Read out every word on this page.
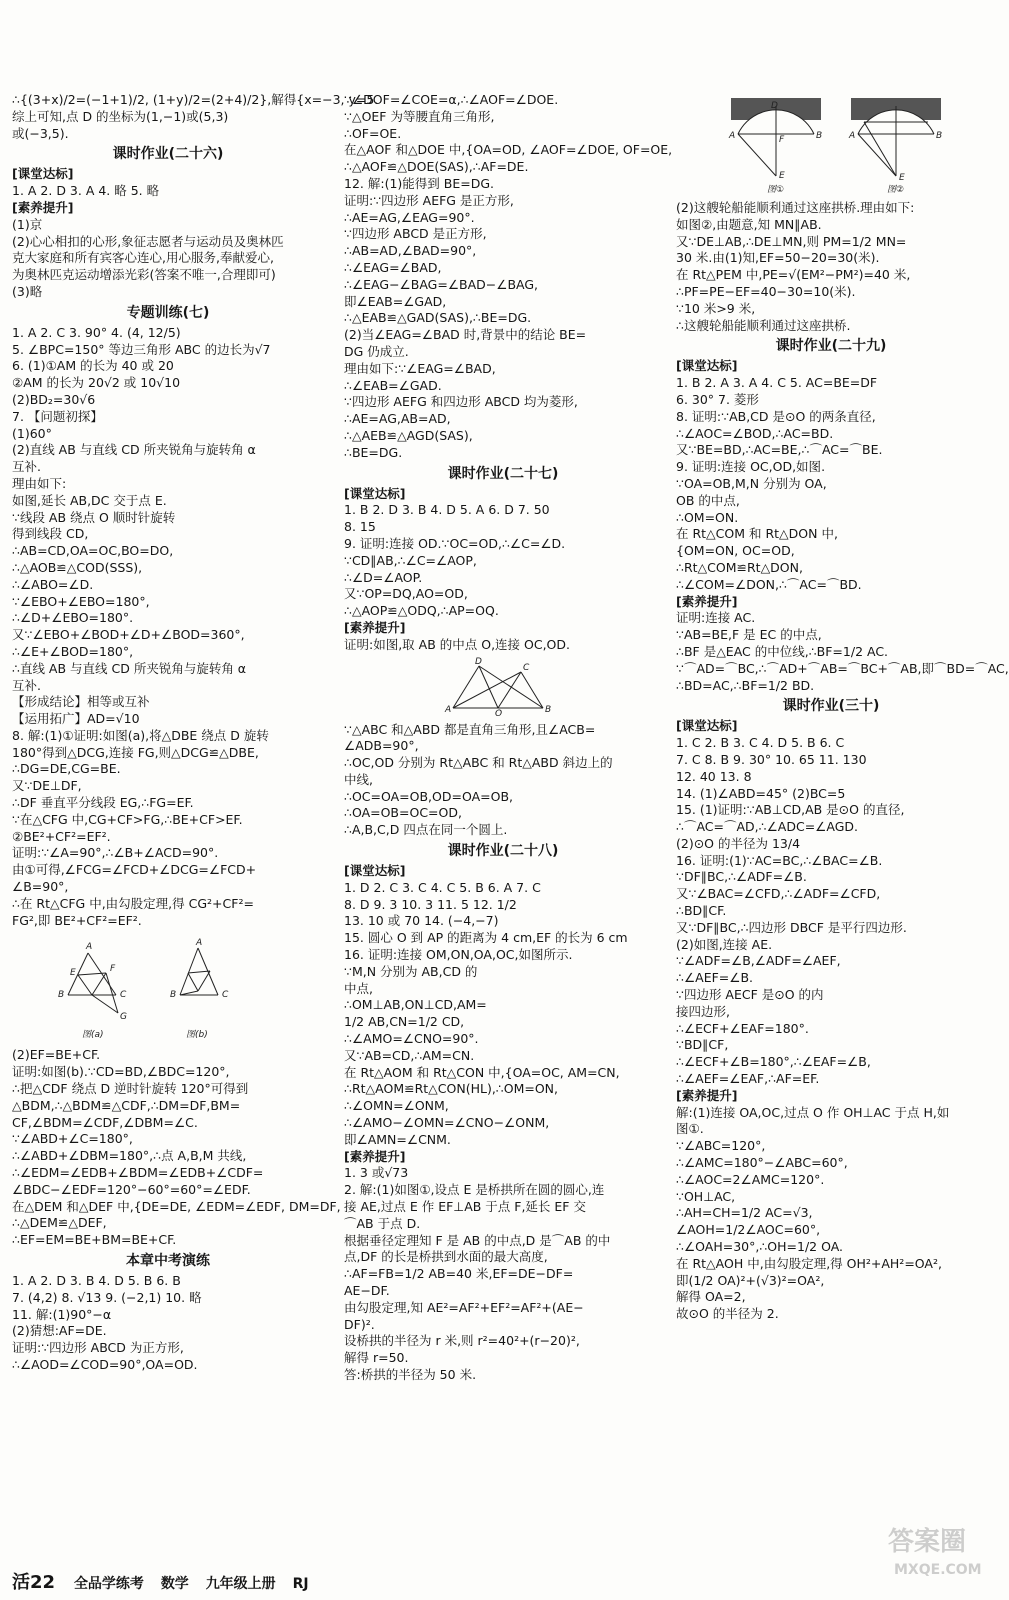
∴{(3+x)/2=(−1+1)/2, (1+y)/2=(2+4)/2},解得{x=−3, y=5.
综上可知,点 D 的坐标为(1,−1)或(5,3)
或(−3,5).
课时作业(二十六)
[课堂达标]
1. A 2. D 3. A 4. 略 5. 略
[素养提升]
(1)京
(2)心心相扣的心形,象征志愿者与运动员及奥林匹
克大家庭和所有宾客心连心,用心服务,奉献爱心,
为奥林匹克运动增添光彩(答案不唯一,合理即可)
(3)略
专题训练(七)
1. A 2. C 3. 90° 4. (4, 12/5)
5. ∠BPC=150° 等边三角形 ABC 的边长为√7
6. (1)①AM 的长为 40 或 20
②AM 的长为 20√2 或 10√10
(2)BD₂=30√6
7. 【问题初探】
(1)60°
(2)直线 AB 与直线 CD 所夹锐角与旋转角 α
互补.
理由如下:
如图,延长 AB,DC 交于点 E.
∵线段 AB 绕点 O 顺时针旋转
得到线段 CD,
∴AB=CD,OA=OC,BO=DO,
∴△AOB≌△COD(SSS),
∴∠ABO=∠D.
∵∠EBO+∠EBO=180°,
∴∠D+∠EBO=180°.
又∵∠EBO+∠BOD+∠D+∠BOD=360°,
∴∠E+∠BOD=180°,
∴直线 AB 与直线 CD 所夹锐角与旋转角 α
互补.
【形成结论】相等或互补
【运用拓广】AD=√10
8. 解:(1)①证明:如图(a),将△DBE 绕点 D 旋转
180°得到△DCG,连接 FG,则△DCG≌△DBE,
∴DG=DE,CG=BE.
又∵DE⊥DF,
∴DF 垂直平分线段 EG,∴FG=EF.
∵在△CFG 中,CG+CF>FG,∴BE+CF>EF.
②BE²+CF²=EF².
证明:∵∠A=90°,∴∠B+∠ACD=90°.
由①可得,∠FCG=∠FCD+∠DCG=∠FCD+
∠B=90°,
∴在 Rt△CFG 中,由勾股定理,得 CG²+CF²=
FG²,即 BE²+CF²=EF².
图(a)	图(b)
A
B	C
E	F
G
A
B	C
(2)EF=BE+CF.
证明:如图(b).∵CD=BD,∠BDC=120°,
∴把△CDF 绕点 D 逆时针旋转 120°可得到
△BDM,∴△BDM≌△CDF,∴DM=DF,BM=
CF,∠BDM=∠CDF,∠DBM=∠C.
∵∠ABD+∠C=180°,
∴∠ABD+∠DBM=180°,∴点 A,B,M 共线,
∴∠EDM=∠EDB+∠BDM=∠EDB+∠CDF=
∠BDC−∠EDF=120°−60°=60°=∠EDF.
在△DEM 和△DEF 中,{DE=DE, ∠EDM=∠EDF, DM=DF,
∴△DEM≌△DEF,
∴EF=EM=BE+BM=BE+CF.
本章中考演练
1. A 2. D 3. B 4. D 5. B 6. B
7. (4,2) 8. √13 9. (−2,1) 10. 略
11. 解:(1)90°−α
(2)猜想:AF=DE.
证明:∵四边形 ABCD 为正方形,
∴∠AOD=∠COD=90°,OA=OD.
∵∠DOF=∠COE=α,∴∠AOF=∠DOE.
∵△OEF 为等腰直角三角形,
∴OF=OE.
在△AOF 和△DOE 中,{OA=OD, ∠AOF=∠DOE, OF=OE,
∴△AOF≌△DOE(SAS),∴AF=DE.
12. 解:(1)能得到 BE=DG.
证明:∵四边形 AEFG 是正方形,
∴AE=AG,∠EAG=90°.
∵四边形 ABCD 是正方形,
∴AB=AD,∠BAD=90°,
∴∠EAG=∠BAD,
∴∠EAG−∠BAG=∠BAD−∠BAG,
即∠EAB=∠GAD,
∴△EAB≌△GAD(SAS),∴BE=DG.
(2)当∠EAG=∠BAD 时,背景中的结论 BE=
DG 仍成立.
理由如下:∵∠EAG=∠BAD,
∴∠EAB=∠GAD.
∵四边形 AEFG 和四边形 ABCD 均为菱形,
∴AE=AG,AB=AD,
∴△AEB≌△AGD(SAS),
∴BE=DG.
课时作业(二十七)
[课堂达标]
1. B 2. D 3. B 4. D 5. A 6. D 7. 50
8. 15
9. 证明:连接 OD.∵OC=OD,∴∠C=∠D.
∵CD∥AB,∴∠C=∠AOP,
∴∠D=∠AOP.
又∵OP=DQ,AO=OD,
∴△AOP≌△ODQ,∴AP=OQ.
[素养提升]
证明:如图,取 AB 的中点 O,连接 OC,OD.
A	B
D
C
O
∵△ABC 和△ABD 都是直角三角形,且∠ACB=
∠ADB=90°,
∴OC,OD 分别为 Rt△ABC 和 Rt△ABD 斜边上的
中线,
∴OC=OA=OB,OD=OA=OB,
∴OA=OB=OC=OD,
∴A,B,C,D 四点在同一个圆上.
课时作业(二十八)
[课堂达标]
1. D 2. C 3. C 4. C 5. B 6. A 7. C
8. D 9. 3 10. 3 11. 5 12. 1/2
13. 10 或 70 14. (−4,−7)
15. 圆心 O 到 AP 的距离为 4 cm,EF 的长为 6 cm
16. 证明:连接 OM,ON,OA,OC,如图所示.
∵M,N 分别为 AB,CD 的
中点,
∴OM⊥AB,ON⊥CD,AM=
1/2 AB,CN=1/2 CD,
∴∠AMO=∠CNO=90°.
又∵AB=CD,∴AM=CN.
在 Rt△AOM 和 Rt△CON 中,{OA=OC, AM=CN,
∴Rt△AOM≌Rt△CON(HL),∴OM=ON,
∴∠OMN=∠ONM,
∴∠AMO−∠OMN=∠CNO−∠ONM,
即∠AMN=∠CNM.
[素养提升]
1. 3 或√73
2. 解:(1)如图①,设点 E 是桥拱所在圆的圆心,连
接 AE,过点 E 作 EF⊥AB 于点 F,延长 EF 交
⌒AB 于点 D.
根据垂径定理知 F 是 AB 的中点,D 是⌒AB 的中
点,DF 的长是桥拱到水面的最大高度,
∴AF=FB=1/2 AB=40 米,EF=DE−DF=
AE−DF.
由勾股定理,知 AE²=AF²+EF²=AF²+(AE−
DF)².
设桥拱的半径为 r 米,则 r²=40²+(r−20)²,
解得 r=50.
答:桥拱的半径为 50 米.
图①	图②
A	B
D
F
E
A	B
E
(2)这艘轮船能顺利通过这座拱桥.理由如下:
如图②,由题意,知 MN∥AB.
又∵DE⊥AB,∴DE⊥MN,则 PM=1/2 MN=
30 米.由(1)知,EF=50−20=30(米).
在 Rt△PEM 中,PE=√(EM²−PM²)=40 米,
∴PF=PE−EF=40−30=10(米).
∵10 米>9 米,
∴这艘轮船能顺利通过这座拱桥.
课时作业(二十九)
[课堂达标]
1. B 2. A 3. A 4. C 5. AC=BE=DF
6. 30° 7. 菱形
8. 证明:∵AB,CD 是⊙O 的两条直径,
∴∠AOC=∠BOD,∴AC=BD.
又∵BE=BD,∴AC=BE,∴⌒AC=⌒BE.
9. 证明:连接 OC,OD,如图.
∵OA=OB,M,N 分别为 OA,
OB 的中点,
∴OM=ON.
在 Rt△COM 和 Rt△DON 中,
{OM=ON, OC=OD,
∴Rt△COM≌Rt△DON,
∴∠COM=∠DON,∴⌒AC=⌒BD.
[素养提升]
证明:连接 AC.
∵AB=BE,F 是 EC 的中点,
∴BF 是△EAC 的中位线,∴BF=1/2 AC.
∵⌒AD=⌒BC,∴⌒AD+⌒AB=⌒BC+⌒AB,即⌒BD=⌒AC,
∴BD=AC,∴BF=1/2 BD.
课时作业(三十)
[课堂达标]
1. C 2. B 3. C 4. D 5. B 6. C
7. C 8. B 9. 30° 10. 65 11. 130
12. 40 13. 8
14. (1)∠ABD=45° (2)BC=5
15. (1)证明:∵AB⊥CD,AB 是⊙O 的直径,
∴⌒AC=⌒AD,∴∠ADC=∠AGD.
(2)⊙O 的半径为 13/4
16. 证明:(1)∵AC=BC,∴∠BAC=∠B.
∵DF∥BC,∴∠ADF=∠B.
又∵∠BAC=∠CFD,∴∠ADF=∠CFD,
∴BD∥CF.
又∵DF∥BC,∴四边形 DBCF 是平行四边形.
(2)如图,连接 AE.
∵∠ADF=∠B,∠ADF=∠AEF,
∴∠AEF=∠B.
∵四边形 AECF 是⊙O 的内
接四边形,
∴∠ECF+∠EAF=180°.
∵BD∥CF,
∴∠ECF+∠B=180°,∴∠EAF=∠B,
∴∠AEF=∠EAF,∴AF=EF.
[素养提升]
解:(1)连接 OA,OC,过点 O 作 OH⊥AC 于点 H,如
图①.
∵∠ABC=120°,
∴∠AMC=180°−∠ABC=60°,
∴∠AOC=2∠AMC=120°.
∵OH⊥AC,
∴AH=CH=1/2 AC=√3,
∠AOH=1/2∠AOC=60°,
∴∠OAH=30°,∴OH=1/2 OA.
在 Rt△AOH 中,由勾股定理,得 OH²+AH²=OA²,
即(1/2 OA)²+(√3)²=OA²,
解得 OA=2,
故⊙O 的半径为 2.
活22 全品学练考 数学 九年级上册 RJ
答案圈
MXQE.COM
